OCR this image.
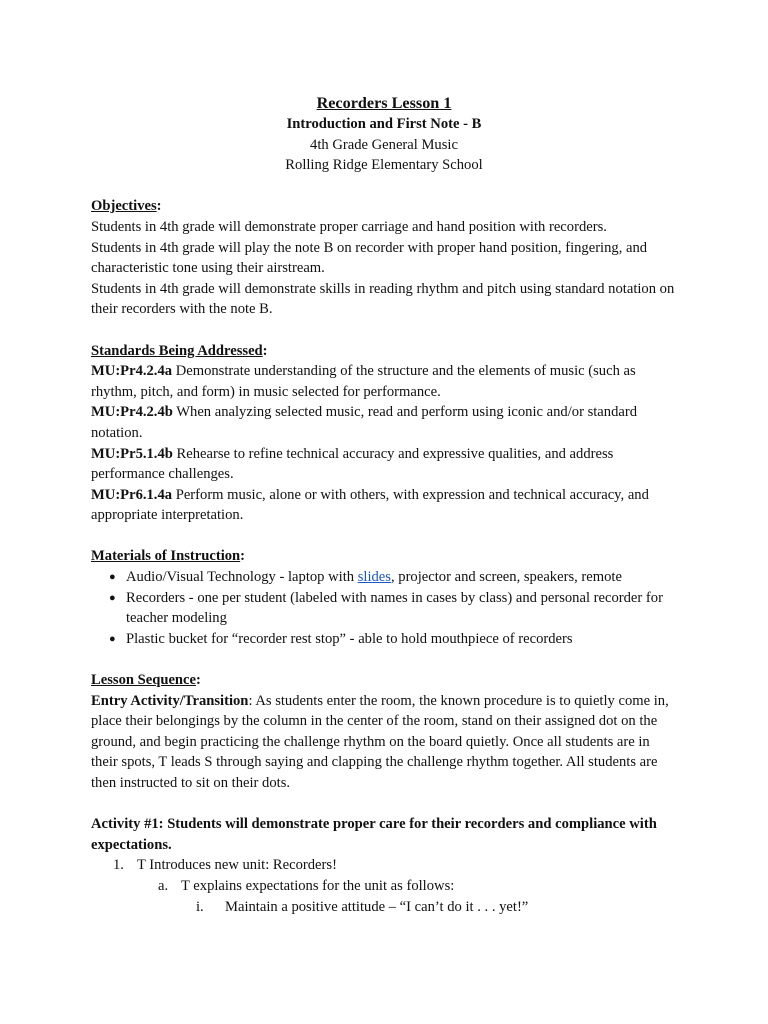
Recorders Lesson 1
Introduction and First Note - B
4th Grade General Music
Rolling Ridge Elementary School
Objectives:

Students in 4th grade will demonstrate proper carriage and hand position with recorders.

Students in 4th grade will play the note B on recorder with proper hand position, fingering, and characteristic tone using their airstream.

Students in 4th grade will demonstrate skills in reading rhythm and pitch using standard notation on their recorders with the note B.

Standards Being Addressed:

MU:Pr4.2.4a Demonstrate understanding of the structure and the elements of music (such as rhythm, pitch, and form) in music selected for performance.

MU:Pr4.2.4b When analyzing selected music, read and perform using iconic and/or standard notation.

MU:Pr5.1.4b Rehearse to refine technical accuracy and expressive qualities, and address performance challenges.

MU:Pr6.1.4a Perform music, alone or with others, with expression and technical accuracy, and appropriate interpretation.

Materials of Instruction:
● Audio/Visual Technology - laptop with slides, projector and screen, speakers, remote
● Recorders - one per student (labeled with names in cases by class) and personal recorder for teacher modeling
● Plastic bucket for “recorder rest stop” - able to hold mouthpiece of recorders
Lesson Sequence:

Entry Activity/Transition: As students enter the room, the known procedure is to quietly come in, place their belongings by the column in the center of the room, stand on their assigned dot on the ground, and begin practicing the challenge rhythm on the board quietly. Once all students are in their spots, T leads S through saying and clapping the challenge rhythm together. All students are then instructed to sit on their dots.

Activity #1: Students will demonstrate proper care for their recorders and compliance with expectations.

1. T Introduces new unit: Recorders!
a. T explains expectations for the unit as follows:
i. Maintain a positive attitude – “I can’t do it . . . yet!”
